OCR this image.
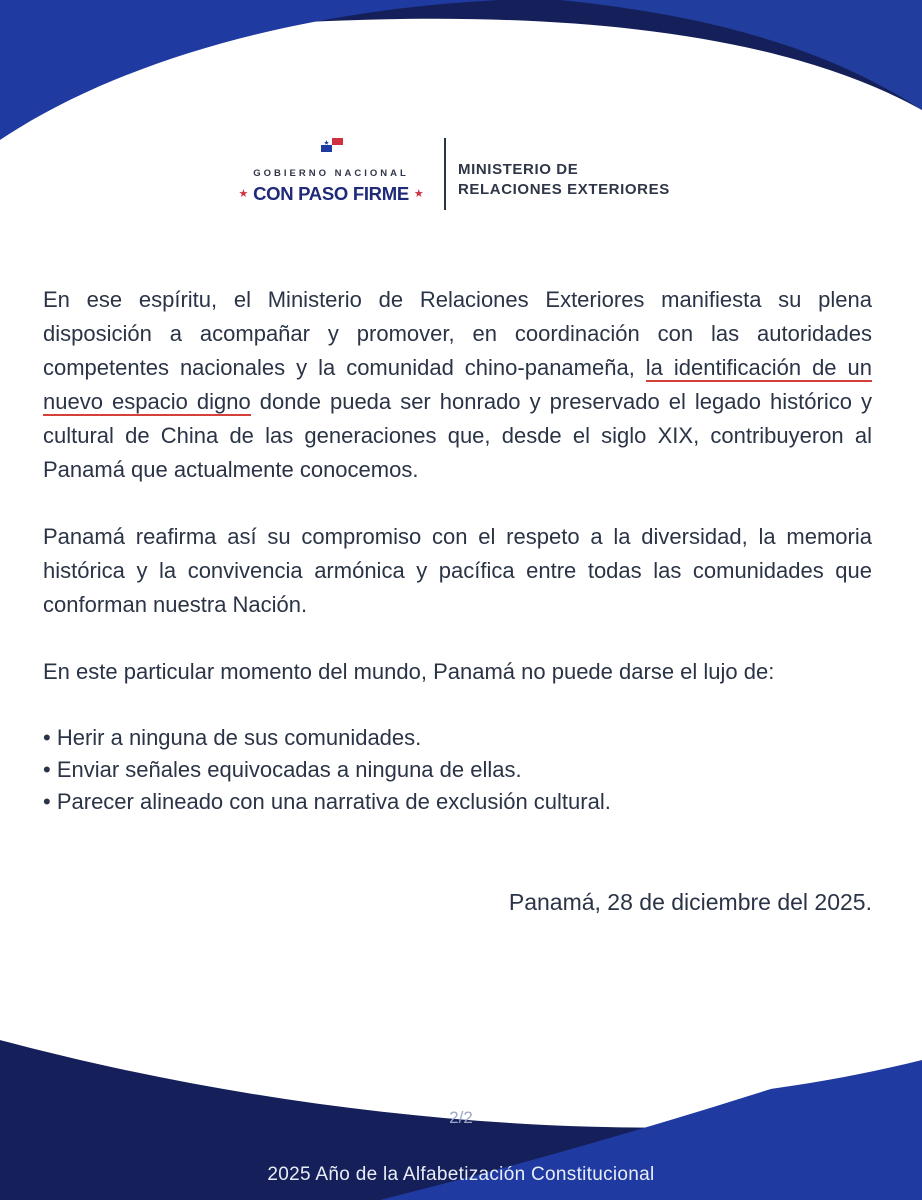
GOBIERNO NACIONAL
★ CON PASO FIRME ★
MINISTERIO DE
RELACIONES EXTERIORES

En ese espíritu, el Ministerio de Relaciones Exteriores manifiesta su plena disposición a acompañar y promover, en coordinación con las autoridades competentes nacionales y la comunidad chino-panameña, la identificación de un nuevo espacio digno donde pueda ser honrado y preservado el legado histórico y cultural de China de las generaciones que, desde el siglo XIX, contribuyeron al Panamá que actualmente conocemos.

Panamá reafirma así su compromiso con el respeto a la diversidad, la memoria histórica y la convivencia armónica y pacífica entre todas las comunidades que conforman nuestra Nación.

En este particular momento del mundo, Panamá no puede darse el lujo de:

• Herir a ninguna de sus comunidades.
• Enviar señales equivocadas a ninguna de ellas.
• Parecer alineado con una narrativa de exclusión cultural.
Panamá, 28 de diciembre del 2025.
2/2
2025 Año de la Alfabetización Constitucional
